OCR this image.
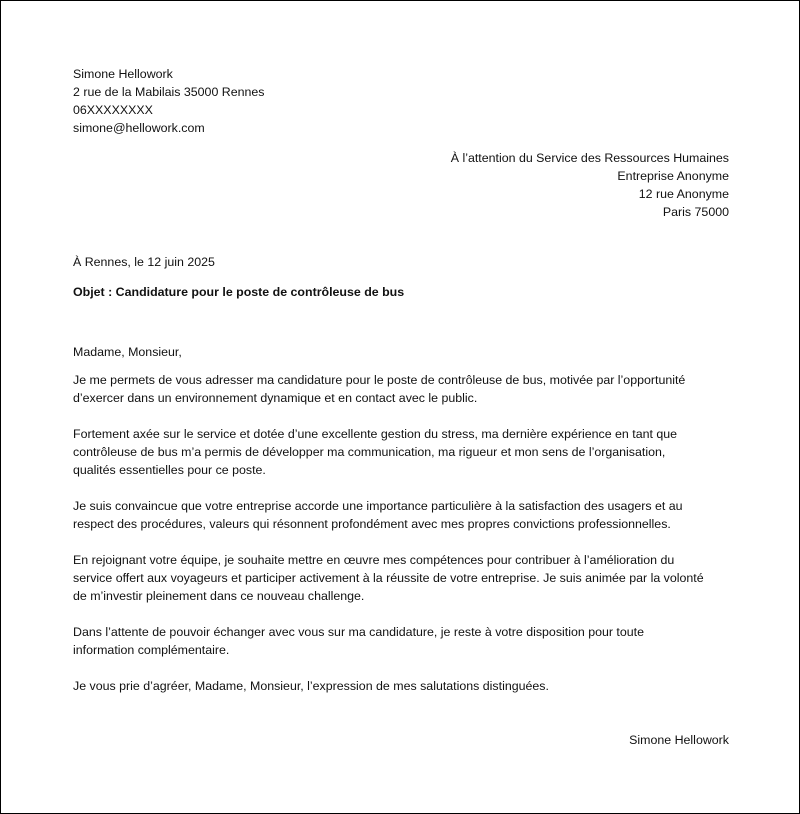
Simone Hellowork
2 rue de la Mabilais 35000 Rennes
06XXXXXXXX
simone@hellowork.com
À l’attention du Service des Ressources Humaines
Entreprise Anonyme
12 rue Anonyme
Paris 75000
À Rennes, le 12 juin 2025
Objet : Candidature pour le poste de contrôleuse de bus
Madame, Monsieur,
Je me permets de vous adresser ma candidature pour le poste de contrôleuse de bus, motivée par l’opportunité
d’exercer dans un environnement dynamique et en contact avec le public.
Fortement axée sur le service et dotée d’une excellente gestion du stress, ma dernière expérience en tant que
contrôleuse de bus m’a permis de développer ma communication, ma rigueur et mon sens de l’organisation,
qualités essentielles pour ce poste.
Je suis convaincue que votre entreprise accorde une importance particulière à la satisfaction des usagers et au
respect des procédures, valeurs qui résonnent profondément avec mes propres convictions professionnelles.
En rejoignant votre équipe, je souhaite mettre en œuvre mes compétences pour contribuer à l’amélioration du
service offert aux voyageurs et participer activement à la réussite de votre entreprise. Je suis animée par la volonté
de m’investir pleinement dans ce nouveau challenge.
Dans l’attente de pouvoir échanger avec vous sur ma candidature, je reste à votre disposition pour toute
information complémentaire.
Je vous prie d’agréer, Madame, Monsieur, l’expression de mes salutations distinguées.
Simone Hellowork
